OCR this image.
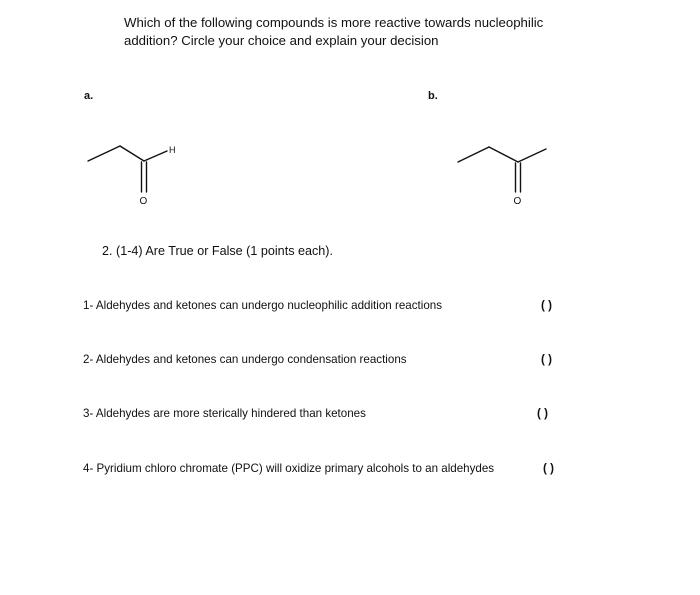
Which of the following compounds is more reactive towards nucleophilic
addition? Circle your choice and explain your decision
a.	b.
H
O	O
2. (1-4) Are True or False (1 points each).
1- Aldehydes and ketones can undergo nucleophilic addition reactions	( )
2- Aldehydes and ketones can undergo condensation reactions	( )
3- Aldehydes are more sterically hindered than ketones	( )
4- Pyridium chloro chromate (PPC) will oxidize primary alcohols to an aldehydes	( )
